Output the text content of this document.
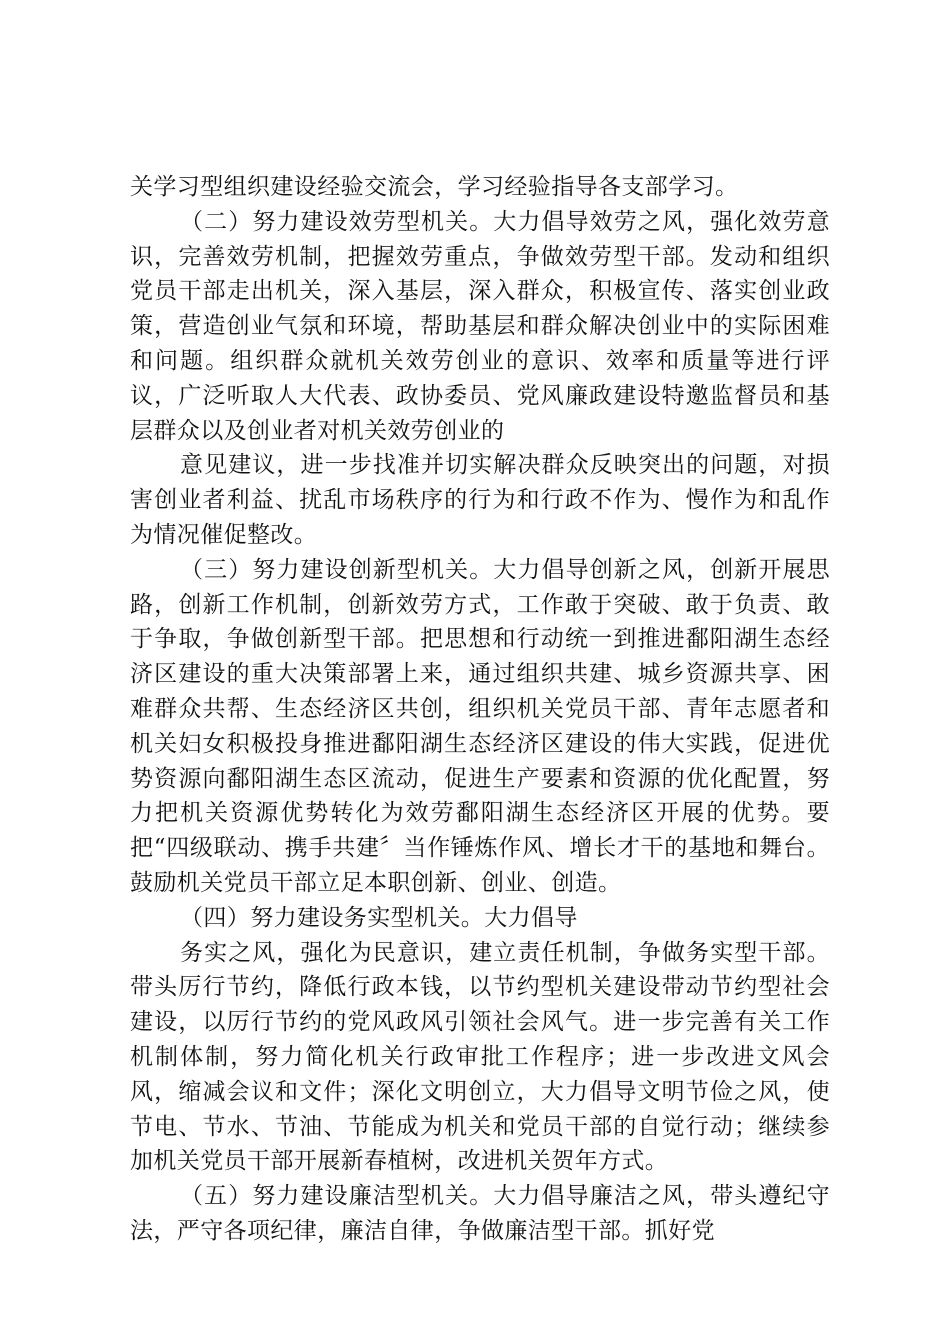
关学习型组织建设经验交流会，学习经验指导各支部学习。

（二）努力建设效劳型机关。大力倡导效劳之风，强化效劳意识，完善效劳机制，把握效劳重点，争做效劳型干部。发动和组织党员干部走出机关，深入基层，深入群众，积极宣传、落实创业政策，营造创业气氛和环境，帮助基层和群众解决创业中的实际困难和问题。组织群众就机关效劳创业的意识、效率和质量等进行评议，广泛听取人大代表、政协委员、党风廉政建设特邀监督员和基层群众以及创业者对机关效劳创业的

意见建议，进一步找准并切实解决群众反映突出的问题，对损害创业者利益、扰乱市场秩序的行为和行政不作为、慢作为和乱作为情况催促整改。

（三）努力建设创新型机关。大力倡导创新之风，创新开展思路，创新工作机制，创新效劳方式，工作敢于突破、敢于负责、敢于争取，争做创新型干部。把思想和行动统一到推进鄱阳湖生态经济区建设的重大决策部署上来，通过组织共建、城乡资源共享、困难群众共帮、生态经济区共创，组织机关党员干部、青年志愿者和机关妇女积极投身推进鄱阳湖生态经济区建设的伟大实践，促进优势资源向鄱阳湖生态区流动，促进生产要素和资源的优化配置，努力把机关资源优势转化为效劳鄱阳湖生态经济区开展的优势。要把“四级联动、携手共建〞当作锤炼作风、增长才干的基地和舞台。鼓励机关党员干部立足本职创新、创业、创造。

（四）努力建设务实型机关。大力倡导

务实之风，强化为民意识，建立责任机制，争做务实型干部。带头厉行节约，降低行政本钱，以节约型机关建设带动节约型社会建设，以厉行节约的党风政风引领社会风气。进一步完善有关工作机制体制，努力简化机关行政审批工作程序；进一步改进文风会风，缩减会议和文件；深化文明创立，大力倡导文明节俭之风，使节电、节水、节油、节能成为机关和党员干部的自觉行动；继续参加机关党员干部开展新春植树，改进机关贺年方式。

（五）努力建设廉洁型机关。大力倡导廉洁之风，带头遵纪守法，严守各项纪律，廉洁自律，争做廉洁型干部。抓好党
